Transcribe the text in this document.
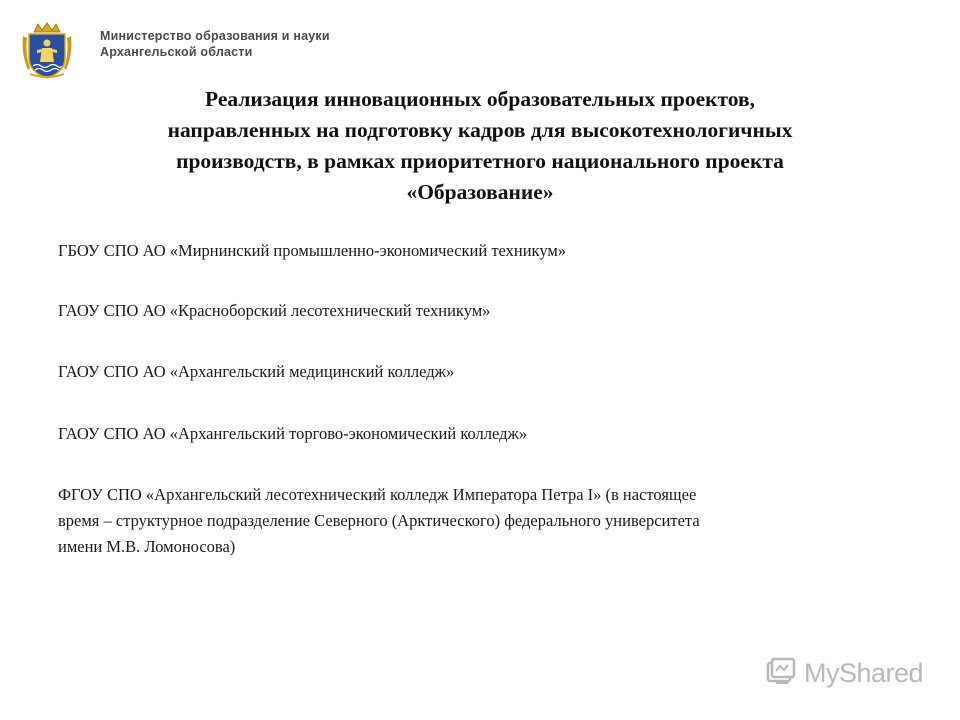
Министерство образования и науки
Архангельской области
Реализация инновационных образовательных проектов,
направленных на подготовку кадров для высокотехнологичных
производств, в рамках приоритетного национального проекта
«Образование»
ГБОУ СПО АО «Мирнинский промышленно-экономический техникум»
ГАОУ СПО АО «Красноборский лесотехнический техникум»
ГАОУ СПО АО «Архангельский медицинский колледж»
ГАОУ СПО АО «Архангельский торгово-экономический колледж»
ФГОУ СПО «Архангельский лесотехнический колледж Императора Петра I» (в настоящее
время – структурное подразделение Северного (Арктического) федерального университета
имени М.В. Ломоносова)
MyShared
